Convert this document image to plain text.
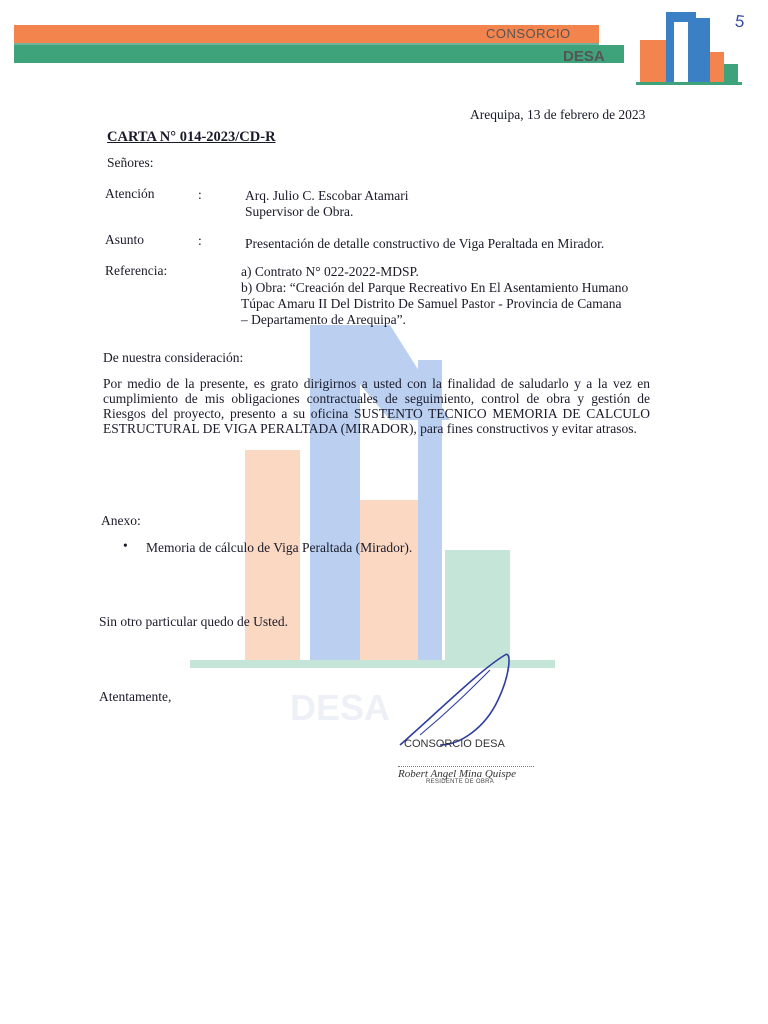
CONSORCIO
DESA
5
DESA
Arequipa, 13 de febrero de 2023
CARTA N° 014-2023/CD-R
Señores:
Atención	:	Arq. Julio C. Escobar Atamari
Supervisor de Obra.
Asunto	:	Presentación de detalle constructivo de Viga Peraltada en Mirador.
Referencia:	a) Contrato N° 022-2022-MDSP.
b) Obra: “Creación del Parque Recreativo En El Asentamiento Humano
Túpac Amaru II Del Distrito De Samuel Pastor - Provincia de Camana
– Departamento de Arequipa”.
De nuestra consideración:
Por medio de la presente, es grato dirigirnos a usted con la finalidad de saludarlo y a la vez en cumplimiento de mis obligaciones contractuales de seguimiento, control de obra y gestión de Riesgos del proyecto, presento a su oficina SUSTENTO TECNICO MEMORIA DE CALCULO ESTRUCTURAL DE VIGA PERALTADA (MIRADOR), para fines constructivos y evitar atrasos.
Anexo:
• Memoria de cálculo de Viga Peraltada (Mirador).
Sin otro particular quedo de Usted.
Atentamente,
CONSORCIO DESA
Robert Angel Mina Quispe
RESIDENTE DE OBRA
